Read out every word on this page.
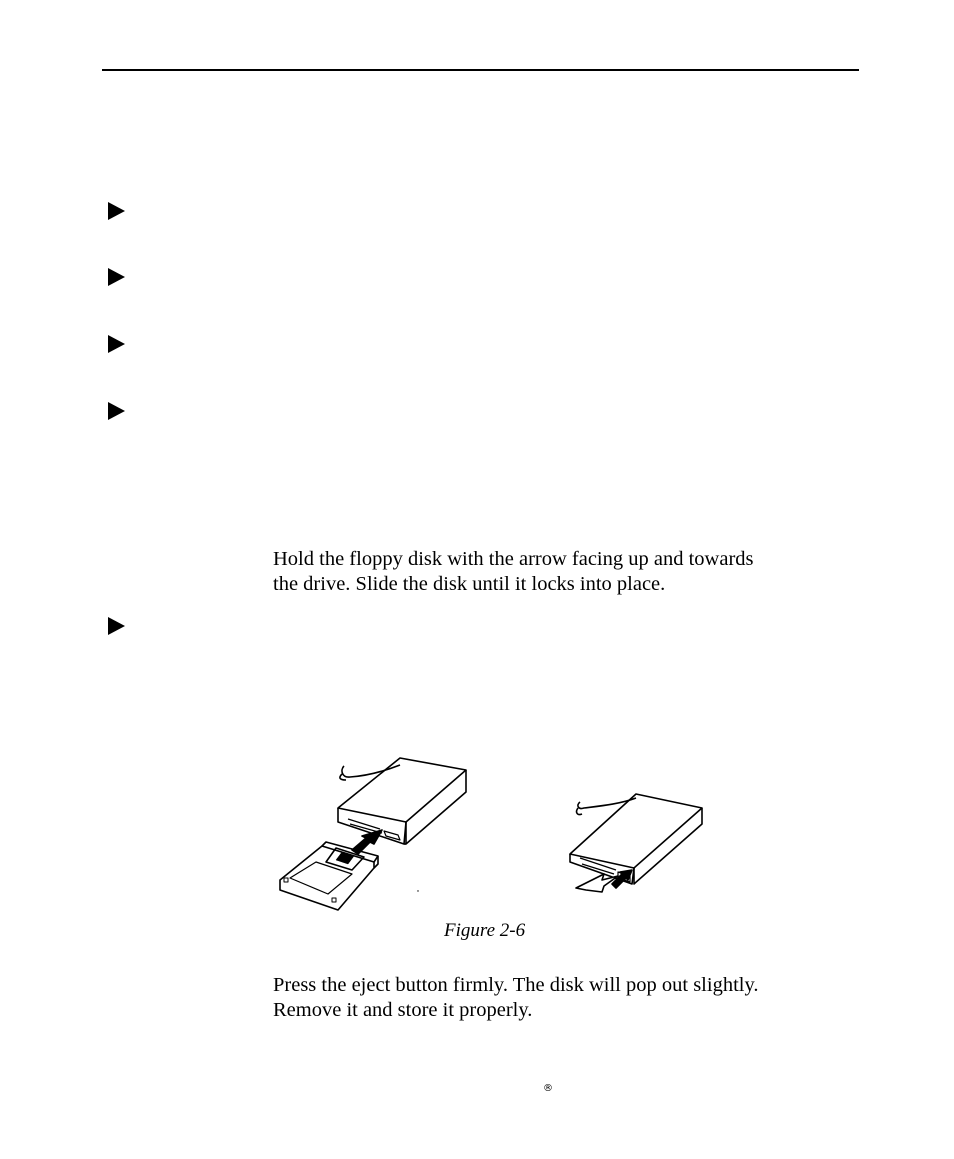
Hold the floppy disk with the arrow facing up and towards
the drive. Slide the disk until it locks into place.
Figure 2-6
Press the eject button firmly. The disk will pop out slightly.
Remove it and store it properly.
®
